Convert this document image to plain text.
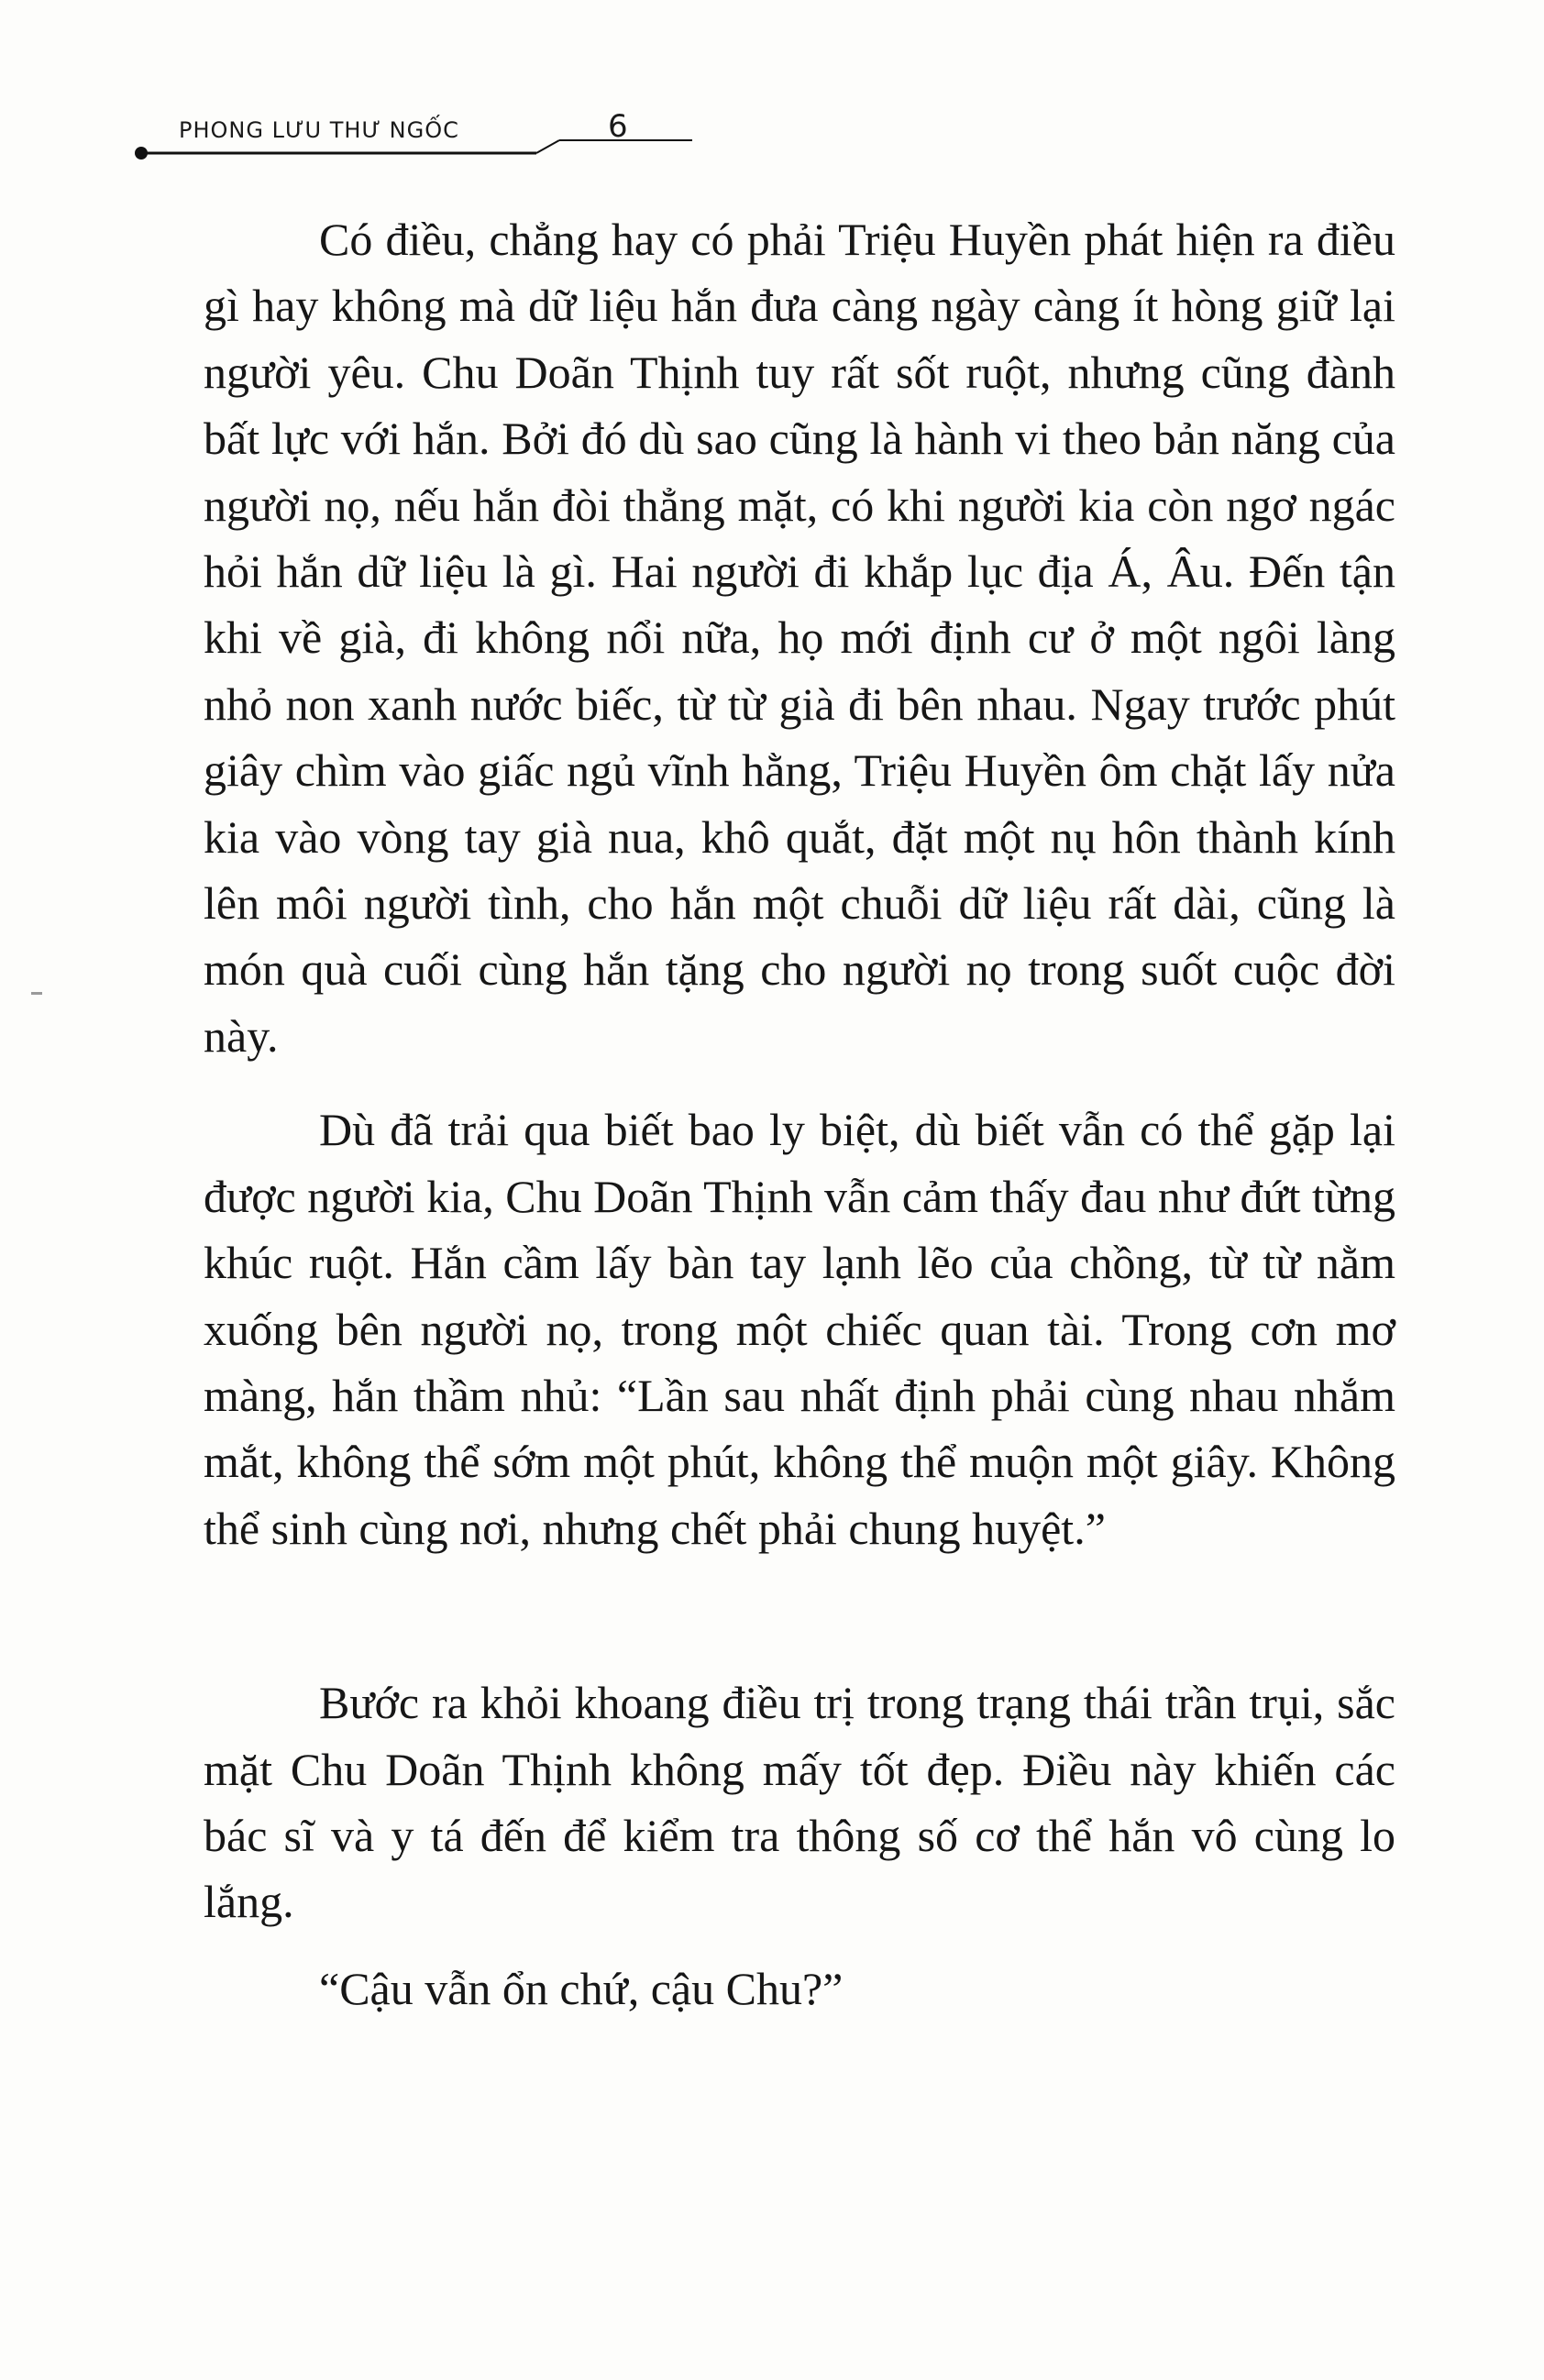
PHONG LƯU THƯ NGỐC	6

Có điều, chẳng hay có phải Triệu Huyền phát hiện ra điều gì hay không mà dữ liệu hắn đưa càng ngày càng ít hòng giữ lại người yêu. Chu Doãn Thịnh tuy rất sốt ruột, nhưng cũng đành bất lực với hắn. Bởi đó dù sao cũng là hành vi theo bản năng của người nọ, nếu hắn đòi thẳng mặt, có khi người kia còn ngơ ngác hỏi hắn dữ liệu là gì. Hai người đi khắp lục địa Á, Âu. Đến tận khi về già, đi không nổi nữa, họ mới định cư ở một ngôi làng nhỏ non xanh nước biếc, từ từ già đi bên nhau. Ngay trước phút giây chìm vào giấc ngủ vĩnh hằng, Triệu Huyền ôm chặt lấy nửa kia vào vòng tay già nua, khô quắt, đặt một nụ hôn thành kính lên môi người tình, cho hắn một chuỗi dữ liệu rất dài, cũng là món quà cuối cùng hắn tặng cho người nọ trong suốt cuộc đời này.

Dù đã trải qua biết bao ly biệt, dù biết vẫn có thể gặp lại được người kia, Chu Doãn Thịnh vẫn cảm thấy đau như đứt từng khúc ruột. Hắn cầm lấy bàn tay lạnh lẽo của chồng, từ từ nằm xuống bên người nọ, trong một chiếc quan tài. Trong cơn mơ màng, hắn thầm nhủ: “Lần sau nhất định phải cùng nhau nhắm mắt, không thể sớm một phút, không thể muộn một giây. Không thể sinh cùng nơi, nhưng chết phải chung huyệt.”

Bước ra khỏi khoang điều trị trong trạng thái trần trụi, sắc mặt Chu Doãn Thịnh không mấy tốt đẹp. Điều này khiến các bác sĩ và y tá đến để kiểm tra thông số cơ thể hắn vô cùng lo lắng.

“Cậu vẫn ổn chứ, cậu Chu?”
